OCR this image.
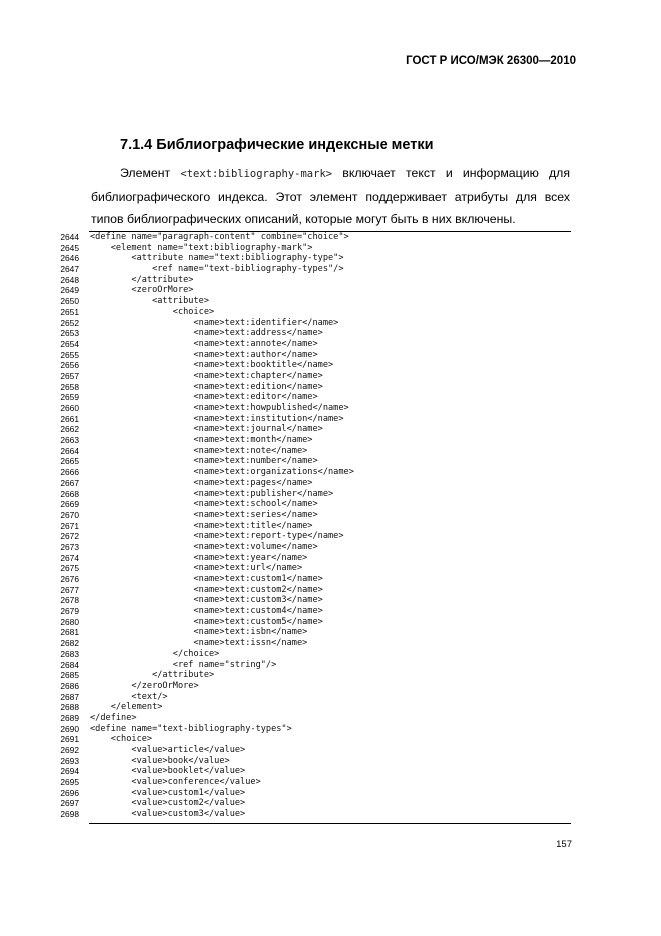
ГОСТ Р ИСО/МЭК 26300—2010
7.1.4 Библиографические индексные метки
Элемент <text:bibliography-mark> включает текст и информацию для библиографического индекса. Этот элемент поддерживает атрибуты для всех типов библиографических описаний, которые могут быть в них включены.
2644 <define name="paragraph-content" combine="choice">
2645 <element name="text:bibliography-mark">
2646 <attribute name="text:bibliography-type">
2647 <ref name="text-bibliography-types"/>
2648 </attribute>
2649 <zeroOrMore>
2650 <attribute>
2651 <choice>
2652 <name>text:identifier</name>
2653 <name>text:address</name>
2654 <name>text:annote</name>
2655 <name>text:author</name>
2656 <name>text:booktitle</name>
2657 <name>text:chapter</name>
2658 <name>text:edition</name>
2659 <name>text:editor</name>
2660 <name>text:howpublished</name>
2661 <name>text:institution</name>
2662 <name>text:journal</name>
2663 <name>text:month</name>
2664 <name>text:note</name>
2665 <name>text:number</name>
2666 <name>text:organizations</name>
2667 <name>text:pages</name>
2668 <name>text:publisher</name>
2669 <name>text:school</name>
2670 <name>text:series</name>
2671 <name>text:title</name>
2672 <name>text:report-type</name>
2673 <name>text:volume</name>
2674 <name>text:year</name>
2675 <name>text:url</name>
2676 <name>text:custom1</name>
2677 <name>text:custom2</name>
2678 <name>text:custom3</name>
2679 <name>text:custom4</name>
2680 <name>text:custom5</name>
2681 <name>text:isbn</name>
2682 <name>text:issn</name>
2683 </choice>
2684 <ref name="string"/>
2685 </attribute>
2686 </zeroOrMore>
2687 <text/>
2688 </element>
2689 </define>
2690 <define name="text-bibliography-types">
2691 <choice>
2692 <value>article</value>
2693 <value>book</value>
2694 <value>booklet</value>
2695 <value>conference</value>
2696 <value>custom1</value>
2697 <value>custom2</value>
2698 <value>custom3</value>
157
